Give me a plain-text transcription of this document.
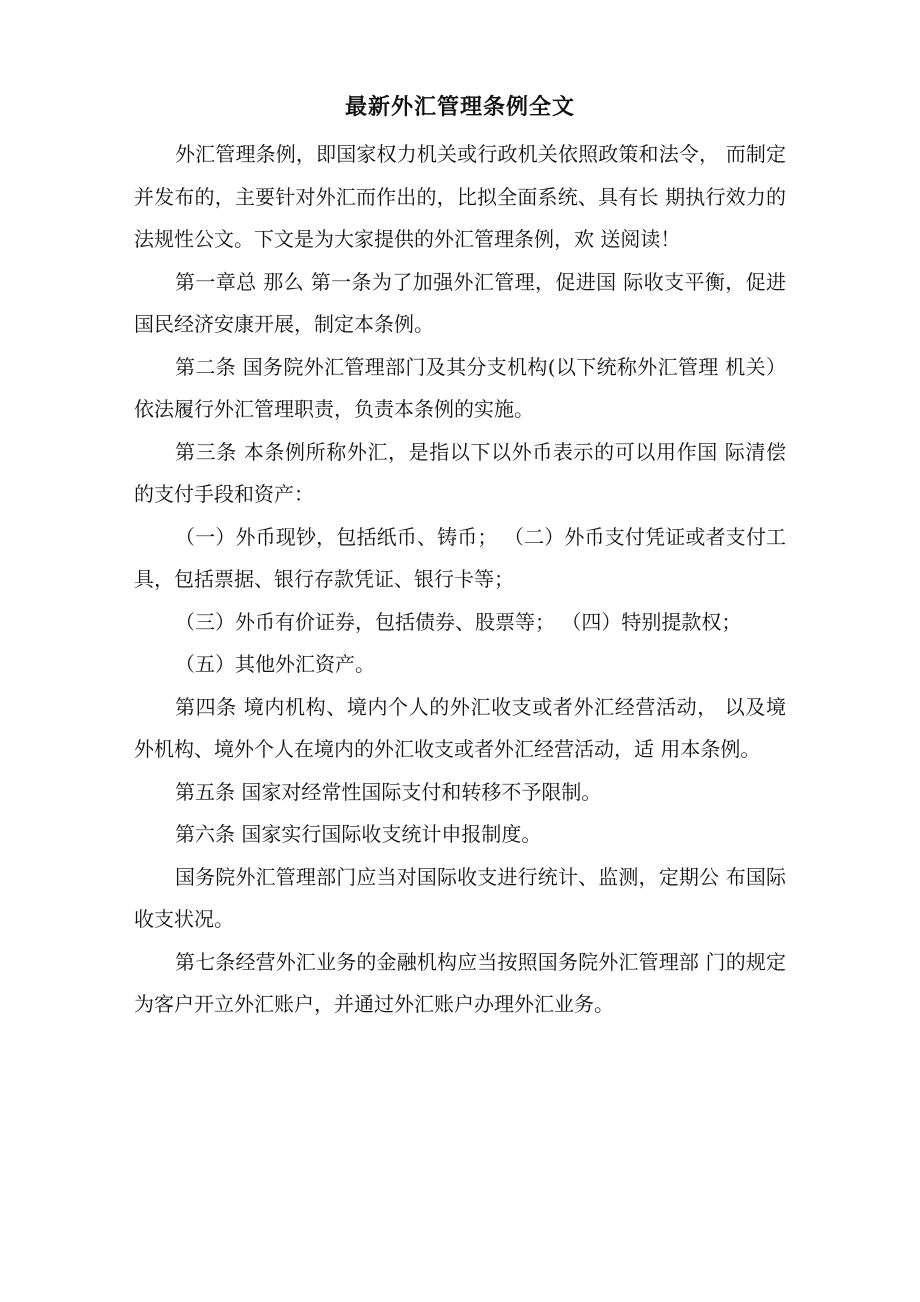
最新外汇管理条例全文

外汇管理条例，即国家权力机关或行政机关依照政策和法令， 而制定并发布的，主要针对外汇而作出的，比拟全面系统、具有长 期执行效力的法规性公文。下文是为大家提供的外汇管理条例，欢 送阅读！

第一章总 那么 第一条为了加强外汇管理，促进国 际收支平衡，促进国民经济安康开展，制定本条例。

第二条 国务院外汇管理部门及其分支机构(以下统称外汇管理 机关）依法履行外汇管理职责，负责本条例的实施。

第三条 本条例所称外汇，是指以下以外币表示的可以用作国 际清偿的支付手段和资产：

（一）外币现钞，包括纸币、铸币； （二）外币支付凭证或者支付工具，包括票据、银行存款凭证、银行卡等；

（三）外币有价证券，包括债券、股票等； （四）特别提款权；

（五）其他外汇资产。

第四条 境内机构、境内个人的外汇收支或者外汇经营活动， 以及境外机构、境外个人在境内的外汇收支或者外汇经营活动，适 用本条例。

第五条 国家对经常性国际支付和转移不予限制。

第六条 国家实行国际收支统计申报制度。

国务院外汇管理部门应当对国际收支进行统计、监测，定期公 布国际收支状况。

第七条经营外汇业务的金融机构应当按照国务院外汇管理部 门的规定为客户开立外汇账户，并通过外汇账户办理外汇业务。
